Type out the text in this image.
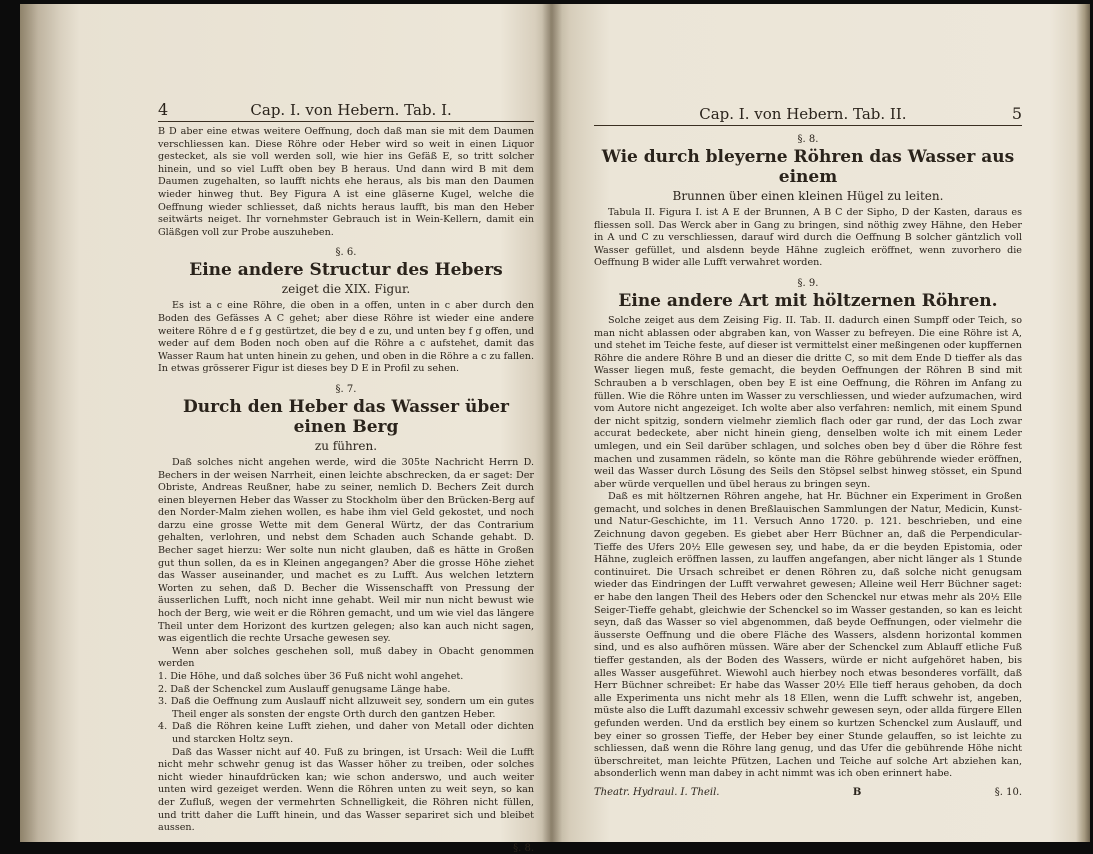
4	Cap. I. von Hebern. Tab. I.

B D aber eine etwas weitere Oeffnung, doch daß man sie mit dem Daumen verschliessen kan. Diese Röhre oder Heber wird so weit in einen Liquor gestecket, als sie voll werden soll, wie hier ins Gefäß E, so tritt solcher hinein, und so viel Lufft oben bey B heraus. Und dann wird B mit dem Daumen zugehalten, so laufft nichts ehe heraus, als bis man den Daumen wieder hinweg thut. Bey Figura A ist eine gläserne Kugel, welche die Oeffnung wieder schliesset, daß nichts heraus laufft, bis man den Heber seitwärts neiget. Ihr vornehmster Gebrauch ist in Wein-Kellern, damit ein Gläßgen voll zur Probe auszuheben.

§. 6.
Eine andere Structur des Hebers
zeiget die XIX. Figur.

Es ist a c eine Röhre, die oben in a offen, unten in c aber durch den Boden des Gefässes A C gehet; aber diese Röhre ist wieder eine andere weitere Röhre d e f g gestürtzet, die bey d e zu, und unten bey f g offen, und weder auf dem Boden noch oben auf die Röhre a c aufstehet, damit das Wasser Raum hat unten hinein zu gehen, und oben in die Röhre a c zu fallen. In etwas grösserer Figur ist dieses bey D E in Profil zu sehen.

§. 7.
Durch den Heber das Wasser über einen Berg
zu führen.

Daß solches nicht angehen werde, wird die 305te Nachricht Herrn D. Bechers in der weisen Narrheit, einen leichte abschrecken, da er saget: Der Obriste, Andreas Reußner, habe zu seiner, nemlich D. Bechers Zeit durch einen bleyernen Heber das Wasser zu Stockholm über den Brücken-Berg auf den Norder-Malm ziehen wollen, es habe ihm viel Geld gekostet, und noch darzu eine grosse Wette mit dem General Würtz, der das Contrarium gehalten, verlohren, und nebst dem Schaden auch Schande gehabt. D. Becher saget hierzu: Wer solte nun nicht glauben, daß es hätte in Großen gut thun sollen, da es in Kleinen angegangen? Aber die grosse Höhe ziehet das Wasser auseinander, und machet es zu Lufft. Aus welchen letztern Worten zu sehen, daß D. Becher die Wissenschafft von Pressung der äusserlichen Lufft, noch nicht inne gehabt. Weil mir nun nicht bewust wie hoch der Berg, wie weit er die Röhren gemacht, und um wie viel das längere Theil unter dem Horizont des kurtzen gelegen; also kan auch nicht sagen, was eigentlich die rechte Ursache gewesen sey.

Wenn aber solches geschehen soll, muß dabey in Obacht genommen werden

1. Die Höhe, und daß solches über 36 Fuß nicht wohl angehet.
2. Daß der Schenckel zum Auslauff genugsame Länge habe.
3. Daß die Oeffnung zum Auslauff nicht allzuweit sey, sondern um ein gutes Theil enger als sonsten der engste Orth durch den gantzen Heber.
4. Daß die Röhren keine Lufft ziehen, und daher von Metall oder dichten und starcken Holtz seyn.

Daß das Wasser nicht auf 40. Fuß zu bringen, ist Ursach: Weil die Lufft nicht mehr schwehr genug ist das Wasser höher zu treiben, oder solches nicht wieder hinaufdrücken kan; wie schon anderswo, und auch weiter unten wird gezeiget werden. Wenn die Röhren unten zu weit seyn, so kan der Zufluß, wegen der vermehrten Schnelligkeit, die Röhren nicht füllen, und tritt daher die Lufft hinein, und das Wasser separiret sich und bleibet aussen.

§. 8.
Cap. I. von Hebern. Tab. II.	5
§. 8.
Wie durch bleyerne Röhren das Wasser aus einem
Brunnen über einen kleinen Hügel zu leiten.

Tabula II. Figura I. ist A E der Brunnen, A B C der Sipho, D der Kasten, daraus es fliessen soll. Das Werck aber in Gang zu bringen, sind nöthig zwey Hähne, den Heber in A und C zu verschliessen, darauf wird durch die Oeffnung B solcher gäntzlich voll Wasser gefüllet, und alsdenn beyde Hähne zugleich eröffnet, wenn zuvorhero die Oeffnung B wider alle Lufft verwahret worden.

§. 9.
Eine andere Art mit höltzernen Röhren.

Solche zeiget aus dem Zeising Fig. II. Tab. II. dadurch einen Sumpff oder Teich, so man nicht ablassen oder abgraben kan, von Wasser zu befreyen. Die eine Röhre ist A, und stehet im Teiche feste, auf dieser ist vermittelst einer meßingenen oder kupffernen Röhre die andere Röhre B und an dieser die dritte C, so mit dem Ende D tieffer als das Wasser liegen muß, feste gemacht, die beyden Oeffnungen der Röhren B sind mit Schrauben a b verschlagen, oben bey E ist eine Oeffnung, die Röhren im Anfang zu füllen. Wie die Röhre unten im Wasser zu verschliessen, und wieder aufzumachen, wird vom Autore nicht angezeiget. Ich wolte aber also verfahren: nemlich, mit einem Spund der nicht spitzig, sondern vielmehr ziemlich flach oder gar rund, der das Loch zwar accurat bedeckete, aber nicht hinein gieng, denselben wolte ich mit einem Leder umlegen, und ein Seil darüber schlagen, und solches oben bey d über die Röhre fest machen und zusammen rädeln, so könte man die Röhre gebührende wieder eröffnen, weil das Wasser durch Lösung des Seils den Stöpsel selbst hinweg stösset, ein Spund aber würde verquellen und übel heraus zu bringen seyn.

Daß es mit höltzernen Röhren angehe, hat Hr. Büchner ein Experiment in Großen gemacht, und solches in denen Breßlauischen Sammlungen der Natur, Medicin, Kunst- und Natur-Geschichte, im 11. Versuch Anno 1720. p. 121. beschrieben, und eine Zeichnung davon gegeben. Es giebet aber Herr Büchner an, daß die Perpendicular-Tieffe des Ufers 20½ Elle gewesen sey, und habe, da er die beyden Epistomia, oder Hähne, zugleich eröffnen lassen, zu lauffen angefangen, aber nicht länger als 1 Stunde continuiret. Die Ursach schreibet er denen Röhren zu, daß solche nicht genugsam wieder das Eindringen der Lufft verwahret gewesen; Alleine weil Herr Büchner saget: er habe den langen Theil des Hebers oder den Schenckel nur etwas mehr als 20½ Elle Seiger-Tieffe gehabt, gleichwie der Schenckel so im Wasser gestanden, so kan es leicht seyn, daß das Wasser so viel abgenommen, daß beyde Oeffnungen, oder vielmehr die äusserste Oeffnung und die obere Fläche des Wassers, alsdenn horizontal kommen sind, und es also aufhören müssen. Wäre aber der Schenckel zum Ablauff etliche Fuß tieffer gestanden, als der Boden des Wassers, würde er nicht aufgehöret haben, bis alles Wasser ausgeführet. Wiewohl auch hierbey noch etwas besonderes vorfällt, daß Herr Büchner schreibet: Er habe das Wasser 20½ Elle tieff heraus gehoben, da doch alle Experimenta uns nicht mehr als 18 Ellen, wenn die Lufft schwehr ist, angeben, müste also die Lufft dazumahl excessiv schwehr gewesen seyn, oder allda fürgere Ellen gefunden werden. Und da erstlich bey einem so kurtzen Schenckel zum Auslauff, und bey einer so grossen Tieffe, der Heber bey einer Stunde gelauffen, so ist leichte zu schliessen, daß wenn die Röhre lang genug, und das Ufer die gebührende Höhe nicht überschreitet, man leichte Pfützen, Lachen und Teiche auf solche Art abziehen kan, absonderlich wenn man dabey in acht nimmt was ich oben erinnert habe.

Theatr. Hydraul. I. Theil.	B	§. 10.
